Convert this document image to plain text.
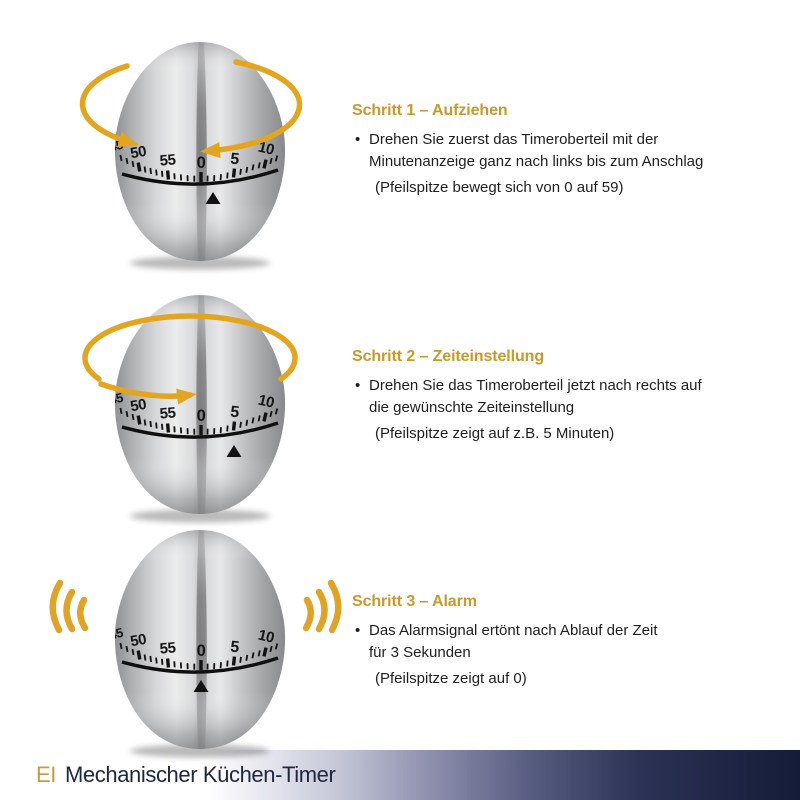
EI Mechanischer Küchen-Timer
Schritt 1 – Aufziehen
• Drehen Sie zuerst das Timeroberteil mit der
Minutenanzeige ganz nach links bis zum Anschlag

(Pfeilspitze bewegt sich von 0 auf 59)

Schritt 2 – Zeiteinstellung
• Drehen Sie das Timeroberteil jetzt nach rechts auf
die gewünschte Zeiteinstellung

(Pfeilspitze zeigt auf z.B. 5 Minuten)

Schritt 3 – Alarm
• Das Alarmsignal ertönt nach Ablauf der Zeit
für 3 Sekunden

(Pfeilspitze zeigt auf 0)
